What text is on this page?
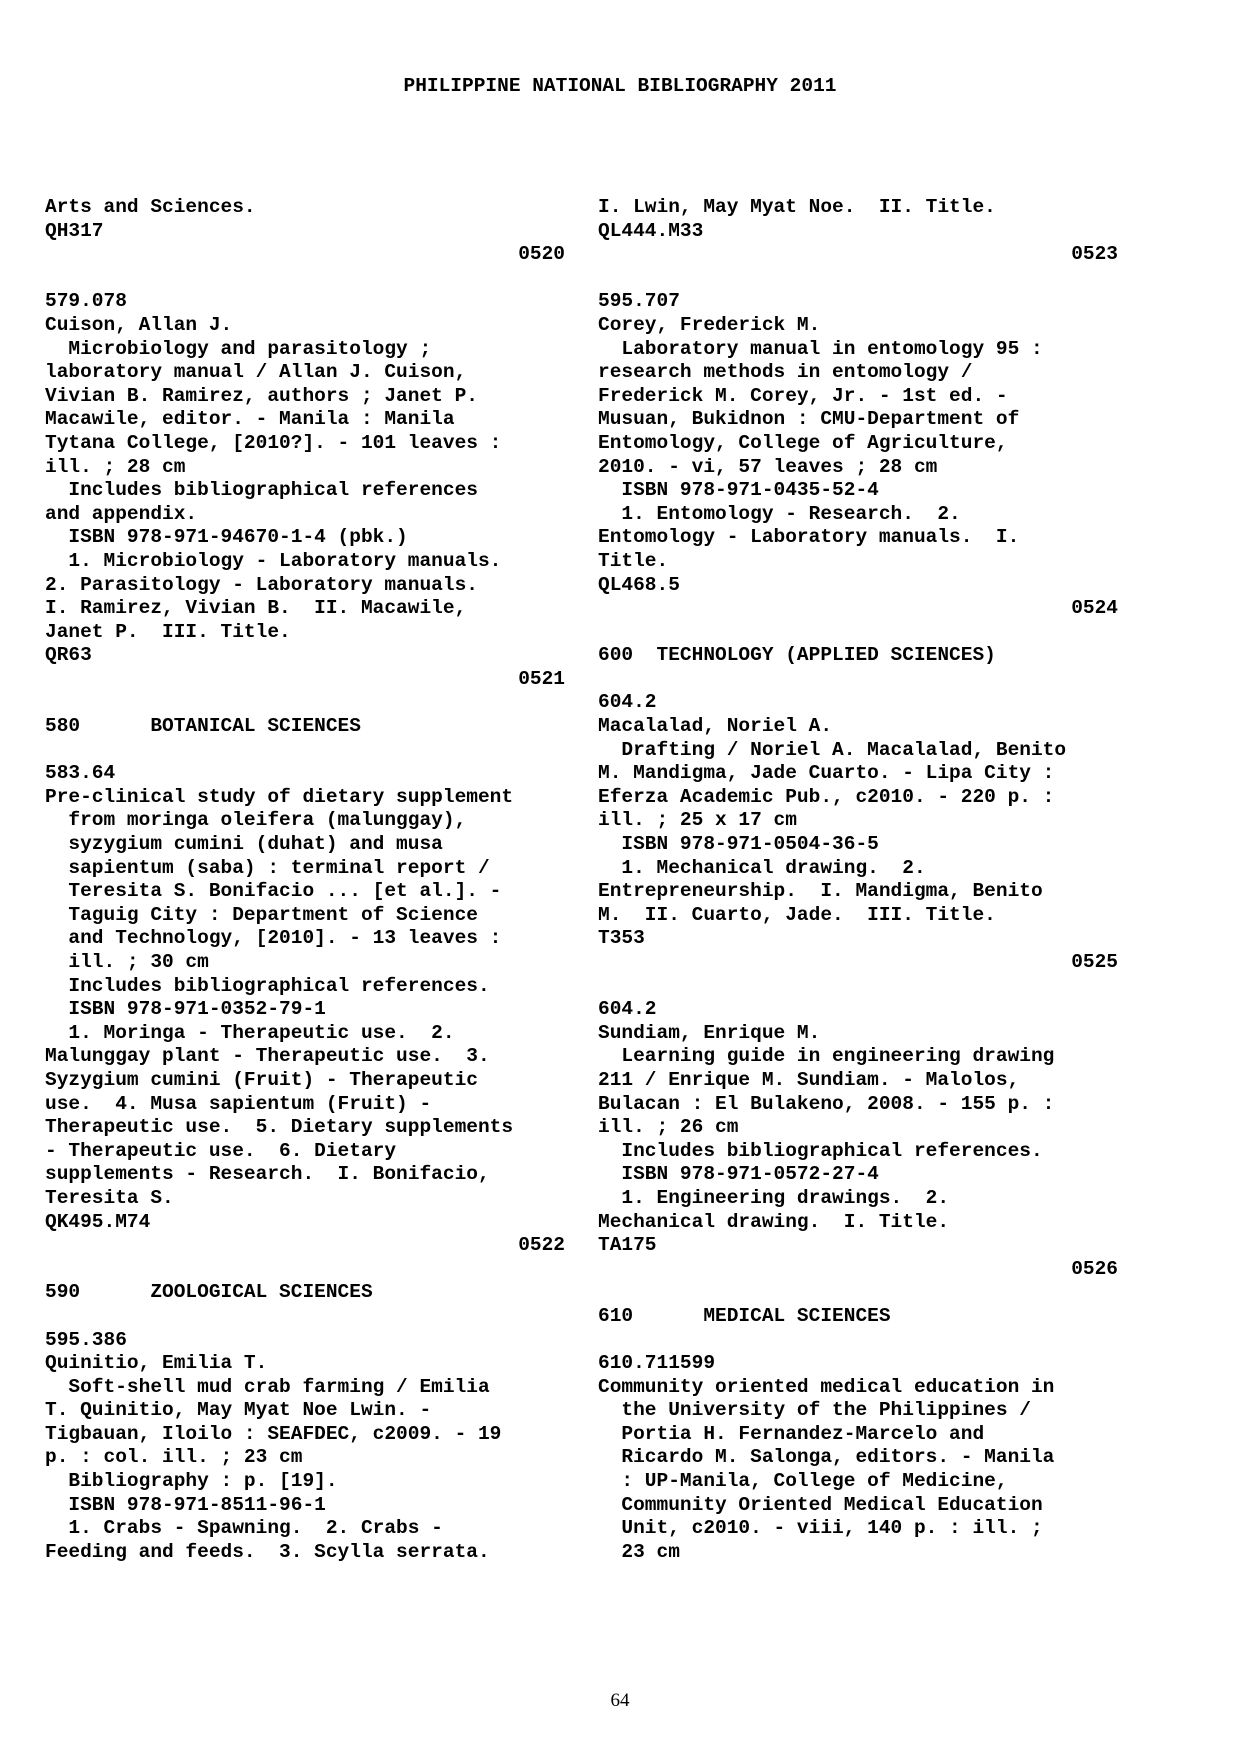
PHILIPPINE NATIONAL BIBLIOGRAPHY 2011
Arts and Sciences.
QH317
0520
579.078
Cuison, Allan J.
Microbiology and parasitology ;
laboratory manual / Allan J. Cuison,
Vivian B. Ramirez, authors ; Janet P.
Macawile, editor. - Manila : Manila
Tytana College, [2010?]. - 101 leaves :
ill. ; 28 cm
Includes bibliographical references
and appendix.
ISBN 978-971-94670-1-4 (pbk.)
1. Microbiology - Laboratory manuals.
2. Parasitology - Laboratory manuals.
I. Ramirez, Vivian B.  II. Macawile,
Janet P.  III. Title.
QR63
0521
580      BOTANICAL SCIENCES
583.64
Pre-clinical study of dietary supplement
from moringa oleifera (malunggay),
syzygium cumini (duhat) and musa
sapientum (saba) : terminal report /
Teresita S. Bonifacio ... [et al.]. -
Taguig City : Department of Science
and Technology, [2010]. - 13 leaves :
ill. ; 30 cm
Includes bibliographical references.
ISBN 978-971-0352-79-1
1. Moringa - Therapeutic use.  2.
Malunggay plant - Therapeutic use.  3.
Syzygium cumini (Fruit) - Therapeutic
use.  4. Musa sapientum (Fruit) -
Therapeutic use.  5. Dietary supplements
- Therapeutic use.  6. Dietary
supplements - Research.  I. Bonifacio,
Teresita S.
QK495.M74
0522
590      ZOOLOGICAL SCIENCES
595.386
Quinitio, Emilia T.
Soft-shell mud crab farming / Emilia
T. Quinitio, May Myat Noe Lwin. -
Tigbauan, Iloilo : SEAFDEC, c2009. - 19
p. : col. ill. ; 23 cm
Bibliography : p. [19].
ISBN 978-971-8511-96-1
1. Crabs - Spawning.  2. Crabs -
Feeding and feeds.  3. Scylla serrata.
I. Lwin, May Myat Noe.  II. Title.
QL444.M33
0523
595.707
Corey, Frederick M.
Laboratory manual in entomology 95 :
research methods in entomology /
Frederick M. Corey, Jr. - 1st ed. -
Musuan, Bukidnon : CMU-Department of
Entomology, College of Agriculture,
2010. - vi, 57 leaves ; 28 cm
ISBN 978-971-0435-52-4
1. Entomology - Research.  2.
Entomology - Laboratory manuals.  I.
Title.
QL468.5
0524
600  TECHNOLOGY (APPLIED SCIENCES)
604.2
Macalalad, Noriel A.
Drafting / Noriel A. Macalalad, Benito
M. Mandigma, Jade Cuarto. - Lipa City :
Eferza Academic Pub., c2010. - 220 p. :
ill. ; 25 x 17 cm
ISBN 978-971-0504-36-5
1. Mechanical drawing.  2.
Entrepreneurship.  I. Mandigma, Benito
M.  II. Cuarto, Jade.  III. Title.
T353
0525
604.2
Sundiam, Enrique M.
Learning guide in engineering drawing
211 / Enrique M. Sundiam. - Malolos,
Bulacan : El Bulakeno, 2008. - 155 p. :
ill. ; 26 cm
Includes bibliographical references.
ISBN 978-971-0572-27-4
1. Engineering drawings.  2.
Mechanical drawing.  I. Title.
TA175
0526
610      MEDICAL SCIENCES
610.711599
Community oriented medical education in
the University of the Philippines /
Portia H. Fernandez-Marcelo and
Ricardo M. Salonga, editors. - Manila
: UP-Manila, College of Medicine,
Community Oriented Medical Education
Unit, c2010. - viii, 140 p. : ill. ;
23 cm
64
